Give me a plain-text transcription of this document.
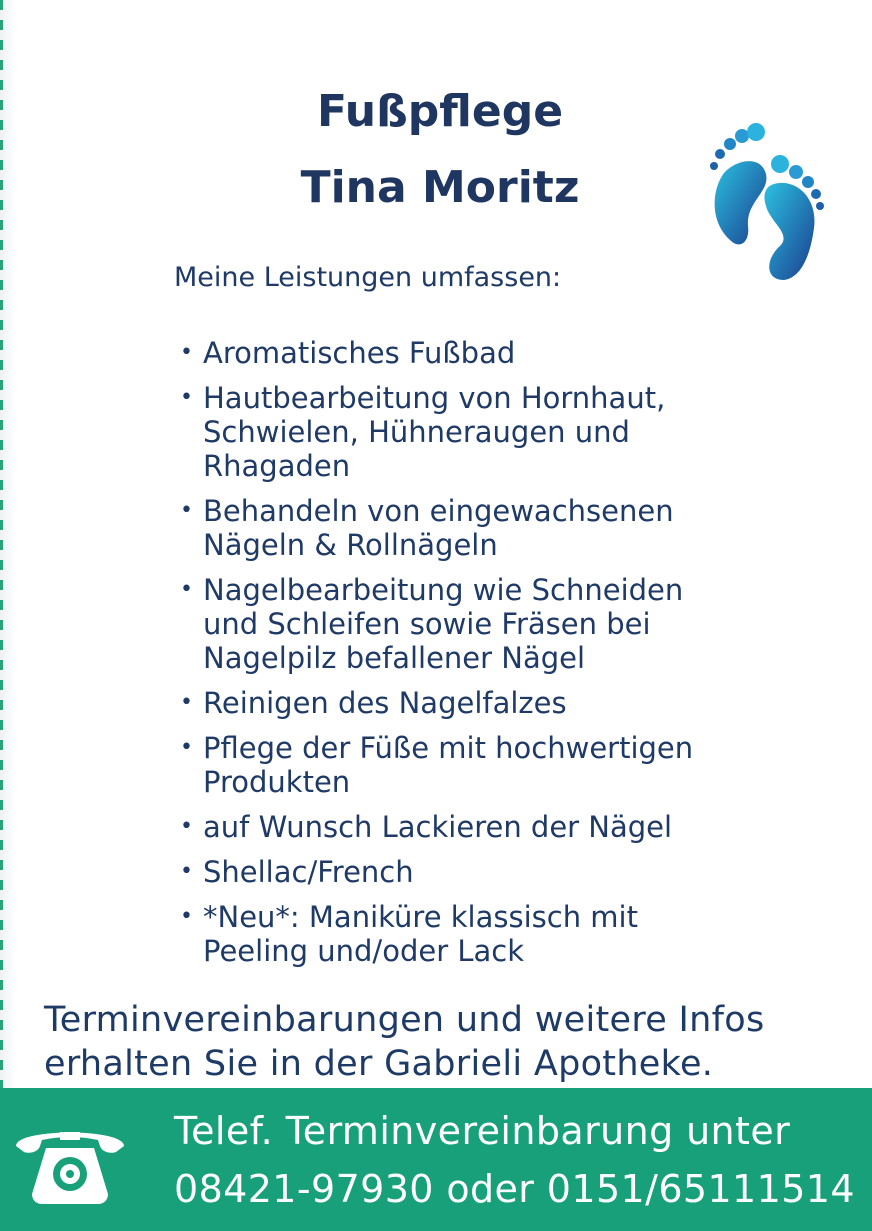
Fußpflege
Tina Moritz

Meine Leistungen umfassen:

• Aromatisches Fußbad
• Hautbearbeitung von Hornhaut,
Schwielen, Hühneraugen und
Rhagaden
• Behandeln von eingewachsenen
Nägeln & Rollnägeln
• Nagelbearbeitung wie Schneiden
und Schleifen sowie Fräsen bei
Nagelpilz befallener Nägel
• Reinigen des Nagelfalzes
• Pflege der Füße mit hochwertigen
Produkten
• auf Wunsch Lackieren der Nägel
• Shellac/French
• *Neu*: Maniküre klassisch mit
Peeling und/oder Lack

Terminvereinbarungen und weitere Infos
erhalten Sie in der Gabrieli Apotheke.

Telef. Terminvereinbarung unter
08421-97930 oder 0151/65111514
